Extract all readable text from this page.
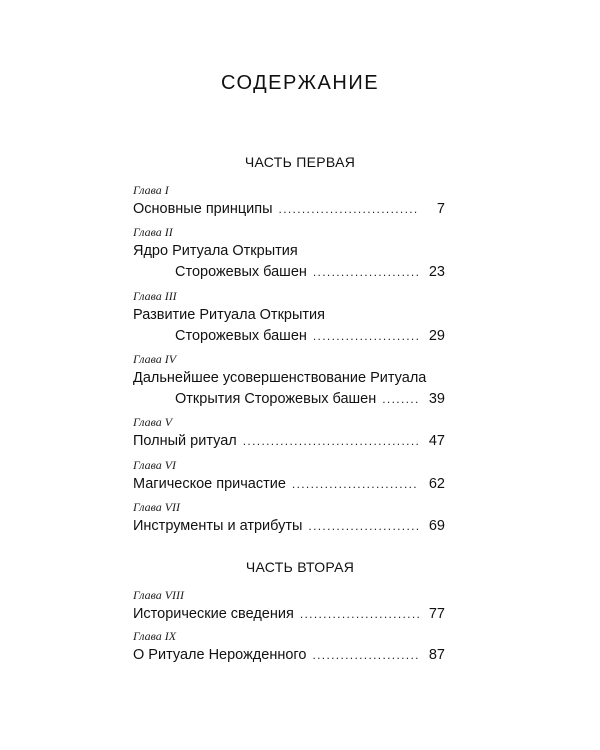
СОДЕРЖАНИЕ
ЧАСТЬ ПЕРВАЯ
Глава I
Основные принципы . . .	7
Глава II
Ядро Ритуала Открытия
Сторожевых башен . . .	23
Глава III
Развитие Ритуала Открытия
Сторожевых башен . . .	29
Глава IV
Дальнейшее усовершенствование Ритуала
Открытия Сторожевых башен . . .	39
Глава V
Полный ритуал . . .	47
Глава VI
Магическое причастие . . .	62
Глава VII
Инструменты и атрибуты . . .	69
ЧАСТЬ ВТОРАЯ
Глава VIII
Исторические сведения . . .	77
Глава IX
О Ритуале Нерожденного . . .	87
